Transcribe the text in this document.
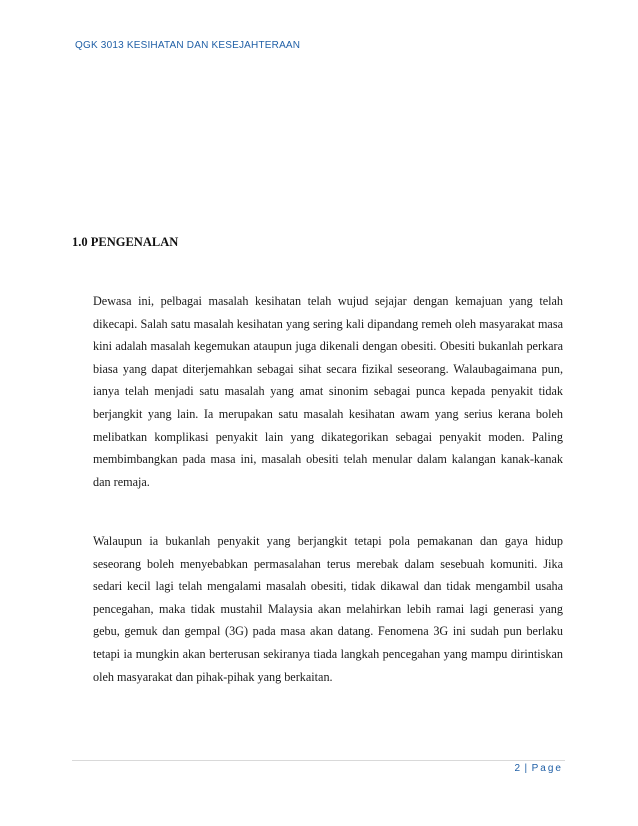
QGK 3013 KESIHATAN DAN KESEJAHTERAAN
1.0 PENGENALAN

Dewasa ini, pelbagai masalah kesihatan telah wujud sejajar dengan kemajuan yang telah dikecapi. Salah satu masalah kesihatan yang sering kali dipandang remeh oleh masyarakat masa kini adalah masalah kegemukan ataupun juga dikenali dengan obesiti. Obesiti bukanlah perkara biasa yang dapat diterjemahkan sebagai sihat secara fizikal seseorang. Walaubagaimana pun, ianya telah menjadi satu masalah yang amat sinonim sebagai punca kepada penyakit tidak berjangkit yang lain. Ia merupakan satu masalah kesihatan awam yang serius kerana boleh melibatkan komplikasi penyakit lain yang dikategorikan sebagai penyakit moden. Paling membimbangkan pada masa ini, masalah obesiti telah menular dalam kalangan kanak-kanak dan remaja.

Walaupun ia bukanlah penyakit yang berjangkit tetapi pola pemakanan dan gaya hidup seseorang boleh menyebabkan permasalahan terus merebak dalam sesebuah komuniti. Jika sedari kecil lagi telah mengalami masalah obesiti, tidak dikawal dan tidak mengambil usaha pencegahan, maka tidak mustahil Malaysia akan melahirkan lebih ramai lagi generasi yang gebu, gemuk dan gempal (3G) pada masa akan datang. Fenomena 3G ini sudah pun berlaku tetapi ia mungkin akan berterusan sekiranya tiada langkah pencegahan yang mampu dirintiskan oleh masyarakat dan pihak-pihak yang berkaitan.

2 | Page
